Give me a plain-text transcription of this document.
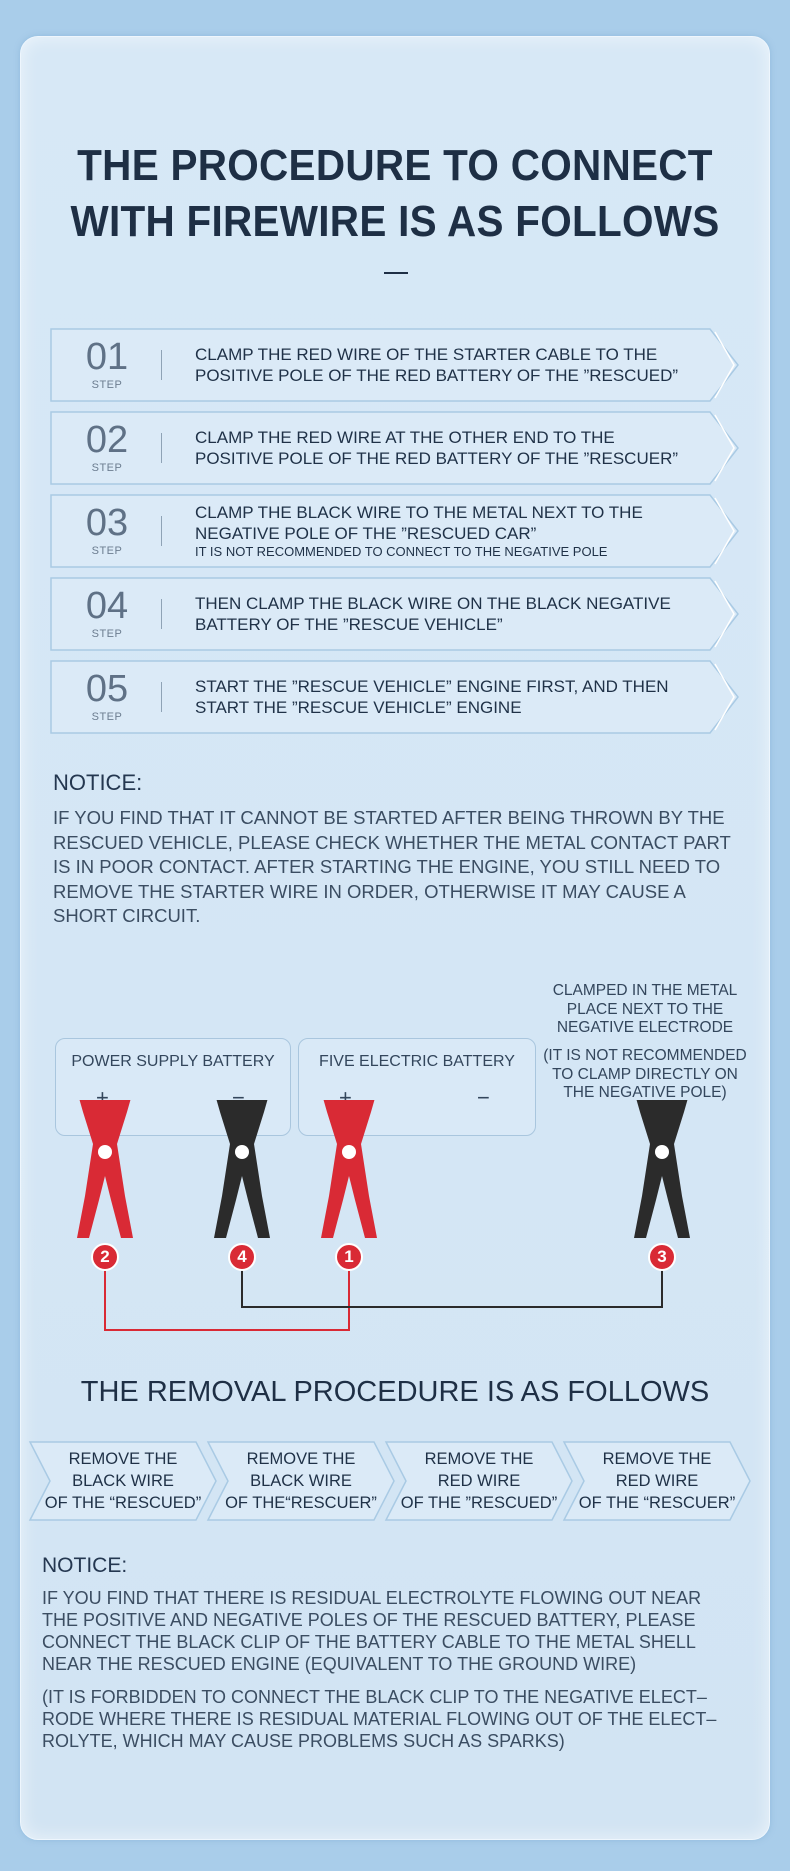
THE PROCEDURE TO CONNECT
WITH FIREWIRE IS AS FOLLOWS
01
STEP
CLAMP THE RED WIRE OF THE STARTER CABLE TO THE
POSITIVE POLE OF THE RED BATTERY OF THE ”RESCUED”
02
STEP
CLAMP THE RED WIRE AT THE OTHER END TO THE
POSITIVE POLE OF THE RED BATTERY OF THE ”RESCUER”
03
STEP
CLAMP THE BLACK WIRE TO THE METAL NEXT TO THE
NEGATIVE POLE OF THE ”RESCUED CAR”
IT IS NOT RECOMMENDED TO CONNECT TO THE NEGATIVE POLE
04
STEP
THEN CLAMP THE BLACK WIRE ON THE BLACK NEGATIVE
BATTERY OF THE ”RESCUE VEHICLE”
05
STEP
START THE ”RESCUE VEHICLE” ENGINE FIRST, AND THEN
START THE ”RESCUE VEHICLE” ENGINE
NOTICE:
IF YOU FIND THAT IT CANNOT BE STARTED AFTER BEING THROWN BY THE
RESCUED VEHICLE, PLEASE CHECK WHETHER THE METAL CONTACT PART
IS IN POOR CONTACT. AFTER STARTING THE ENGINE, YOU STILL NEED TO
REMOVE THE STARTER WIRE IN ORDER, OTHERWISE IT MAY CAUSE A
SHORT CIRCUIT.
CLAMPED IN THE METAL
PLACE NEXT TO THE
NEGATIVE ELECTRODE
(IT IS NOT RECOMMENDED
TO CLAMP DIRECTLY ON
THE NEGATIVE POLE)
POWER SUPPLY BATTERY
+	−
FIVE ELECTRIC BATTERY
+	−
2	4	1	3
THE REMOVAL PROCEDURE IS AS FOLLOWS
REMOVE THE
BLACK WIRE
OF THE “RESCUED”
REMOVE THE
BLACK WIRE
OF THE“RESCUER”
REMOVE THE
RED WIRE
OF THE ”RESCUED”
REMOVE THE
RED WIRE
OF THE “RESCUER”
NOTICE:
IF YOU FIND THAT THERE IS RESIDUAL ELECTROLYTE FLOWING OUT NEAR
THE POSITIVE AND NEGATIVE POLES OF THE RESCUED BATTERY, PLEASE
CONNECT THE BLACK CLIP OF THE BATTERY CABLE TO THE METAL SHELL
NEAR THE RESCUED ENGINE (EQUIVALENT TO THE GROUND WIRE)
(IT IS FORBIDDEN TO CONNECT THE BLACK CLIP TO THE NEGATIVE ELECT–
RODE WHERE THERE IS RESIDUAL MATERIAL FLOWING OUT OF THE ELECT–
ROLYTE, WHICH MAY CAUSE PROBLEMS SUCH AS SPARKS)
